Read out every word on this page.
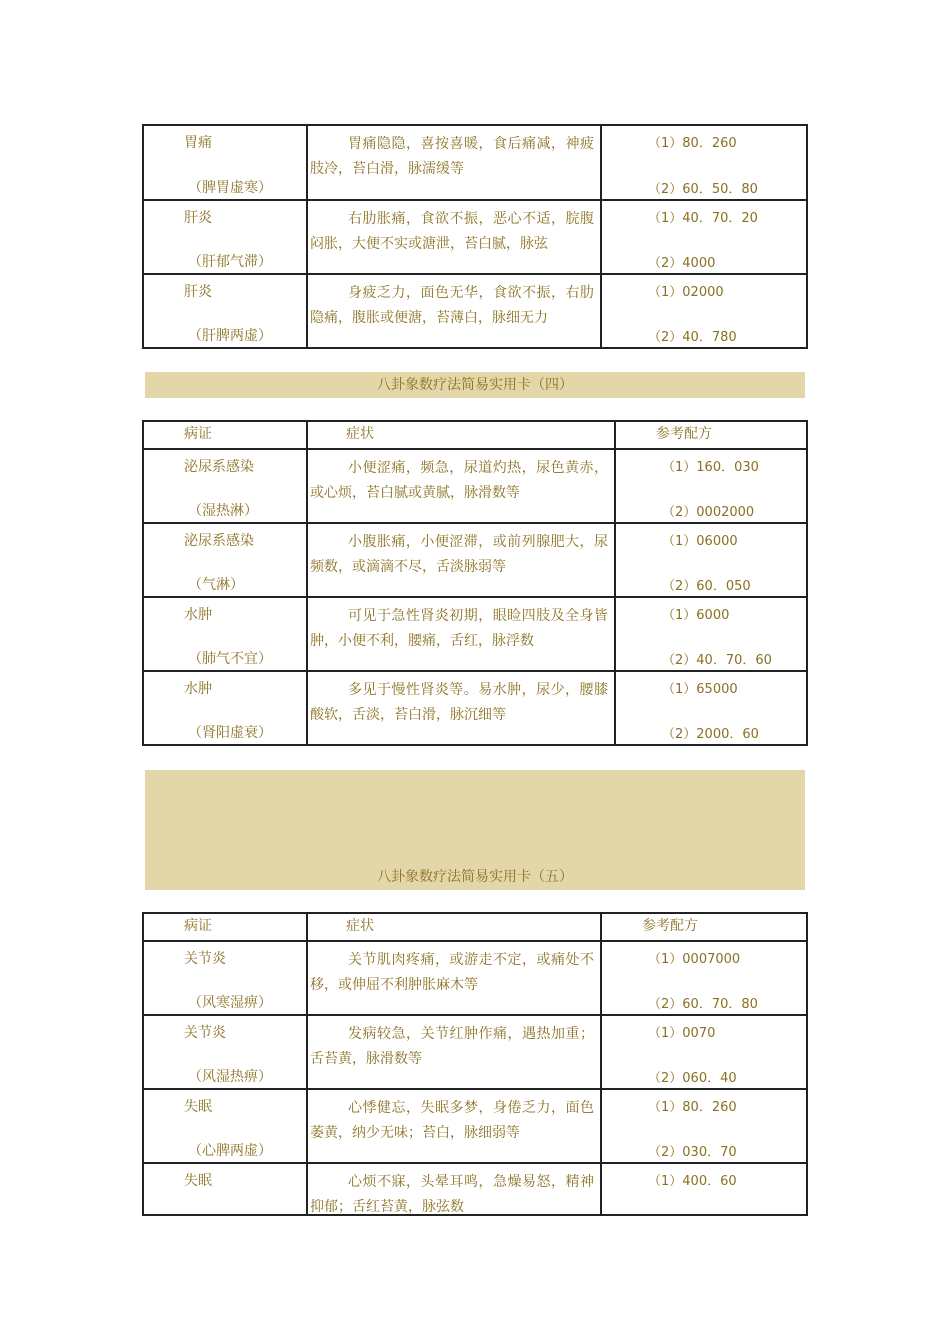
胃痛
（脾胃虚寒）
胃痛隐隐，喜按喜暖，食后痛减，神疲肢冷，苔白滑，脉濡缓等
（1）80．260
（2）60．50．80
肝炎
（肝郁气滞）
右肋胀痛，食欲不振，恶心不适，脘腹闷胀，大便不实或溏泄，苔白腻，脉弦
（1）40．70．20
（2）4000
肝炎
（肝脾两虚）
身疲乏力，面色无华，食欲不振，右肋隐痛，腹胀或便溏，苔薄白，脉细无力
（1）02000
（2）40．780
八卦象数疗法简易实用卡（四）
病证	症状	参考配方
泌尿系感染
（湿热淋）
小便涩痛，频急，尿道灼热，尿色黄赤，或心烦，苔白腻或黄腻，脉滑数等
（1）160．030
（2）0002000
泌尿系感染
（气淋）
小腹胀痛，小便涩滞，或前列腺肥大，尿频数，或滴滴不尽，舌淡脉弱等
（1）06000
（2）60．050
水肿
（肺气不宜）
可见于急性肾炎初期，眼睑四肢及全身皆肿，小便不利，腰痛，舌红，脉浮数
（1）6000
（2）40．70．60
水肿
（肾阳虚衰）
多见于慢性肾炎等。易水肿，尿少，腰膝酸软，舌淡，苔白滑，脉沉细等
（1）65000
（2）2000．60
八卦象数疗法简易实用卡（五）
病证	症状	参考配方
关节炎
（风寒湿痹）
关节肌肉疼痛，或游走不定，或痛处不移，或伸屈不利肿胀麻木等
（1）0007000
（2）60．70．80
关节炎
（风湿热痹）
发病较急，关节红肿作痛，遇热加重；舌苔黄，脉滑数等
（1）0070
（2）060．40
失眠
（心脾两虚）
心悸健忘，失眠多梦，身倦乏力，面色萎黄，纳少无味；苔白，脉细弱等
（1）80．260
（2）030．70
失眠	心烦不寐，头晕耳鸣，急燥易怒，精神抑郁；舌红苔黄，脉弦数
（1）400．60
